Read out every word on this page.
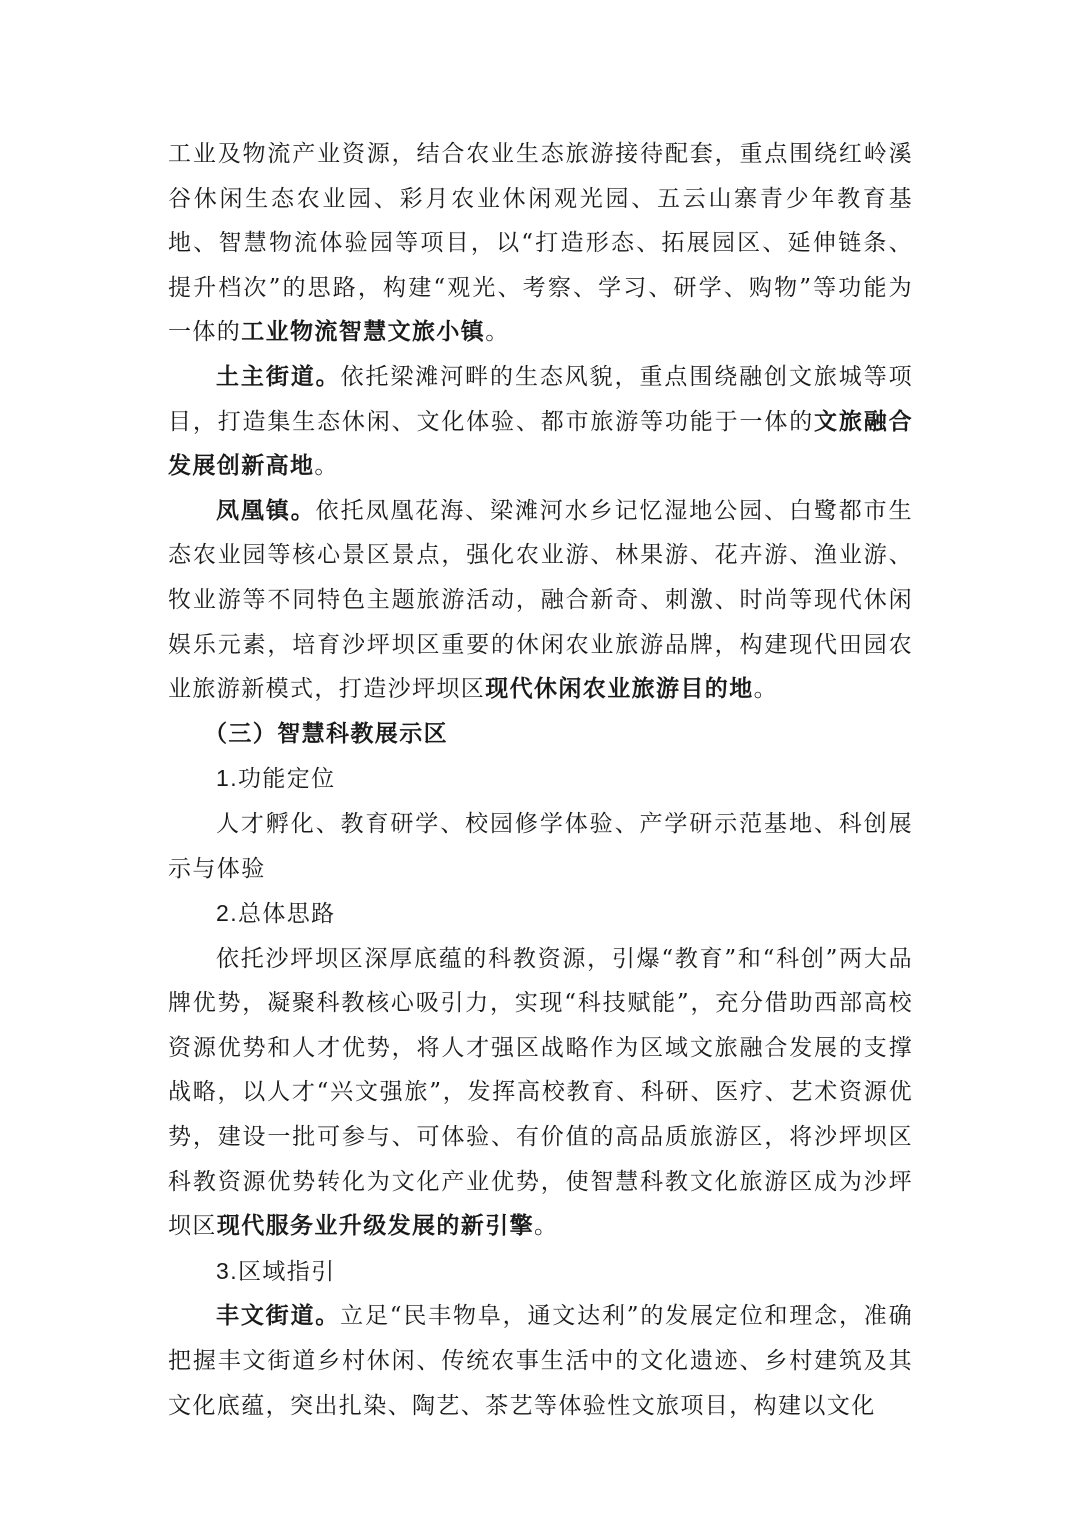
工业及物流产业资源，结合农业生态旅游接待配套，重点围绕红岭溪谷休闲生态农业园、彩月农业休闲观光园、五云山寨青少年教育基地、智慧物流体验园等项目，以“打造形态、拓展园区、延伸链条、提升档次”的思路，构建“观光、考察、学习、研学、购物”等功能为一体的工业物流智慧文旅小镇。

土主街道。依托梁滩河畔的生态风貌，重点围绕融创文旅城等项目，打造集生态休闲、文化体验、都市旅游等功能于一体的文旅融合发展创新高地。

凤凰镇。依托凤凰花海、梁滩河水乡记忆湿地公园、白鹭都市生态农业园等核心景区景点，强化农业游、林果游、花卉游、渔业游、牧业游等不同特色主题旅游活动，融合新奇、刺激、时尚等现代休闲娱乐元素，培育沙坪坝区重要的休闲农业旅游品牌，构建现代田园农业旅游新模式，打造沙坪坝区现代休闲农业旅游目的地。

（三）智慧科教展示区

1.功能定位

人才孵化、教育研学、校园修学体验、产学研示范基地、科创展示与体验

2.总体思路

依托沙坪坝区深厚底蕴的科教资源，引爆“教育”和“科创”两大品牌优势，凝聚科教核心吸引力，实现“科技赋能”，充分借助西部高校资源优势和人才优势，将人才强区战略作为区域文旅融合发展的支撑战略，以人才“兴文强旅”，发挥高校教育、科研、医疗、艺术资源优势，建设一批可参与、可体验、有价值的高品质旅游区，将沙坪坝区科教资源优势转化为文化产业优势，使智慧科教文化旅游区成为沙坪坝区现代服务业升级发展的新引擎。

3.区域指引

丰文街道。立足“民丰物阜，通文达利”的发展定位和理念，准确把握丰文街道乡村休闲、传统农事生活中的文化遗迹、乡村建筑及其文化底蕴，突出扎染、陶艺、茶艺等体验性文旅项目，构建以文化
